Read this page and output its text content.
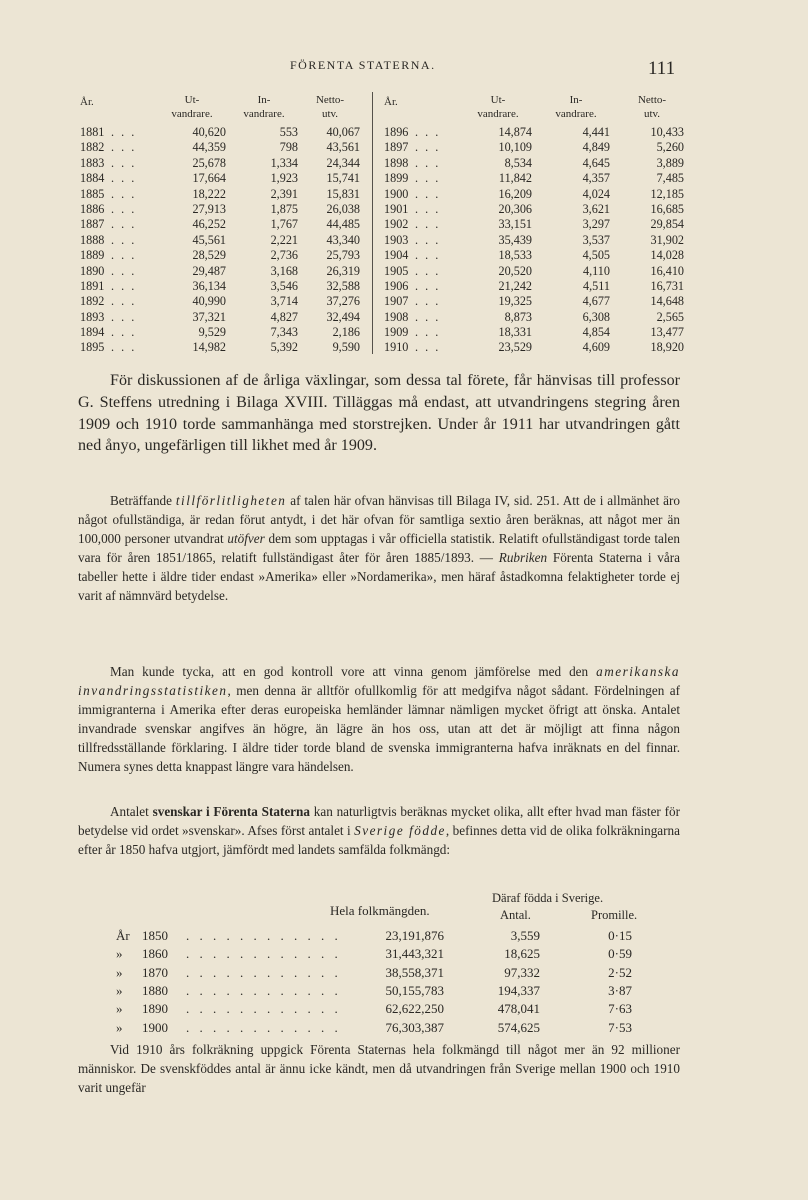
FÖRENTA STATERNA.	111
År.	Ut-
vandrare.
In-
vandrare.
Netto-
utv.
1881 . . .	40,620	553	40,067
1882 . . .	44,359	798	43,561
1883 . . .	25,678	1,334	24,344
1884 . . .	17,664	1,923	15,741
1885 . . .	18,222	2,391	15,831
1886 . . .	27,913	1,875	26,038
1887 . . .	46,252	1,767	44,485
1888 . . .	45,561	2,221	43,340
1889 . . .	28,529	2,736	25,793
1890 . . .	29,487	3,168	26,319
1891 . . .	36,134	3,546	32,588
1892 . . .	40,990	3,714	37,276
1893 . . .	37,321	4,827	32,494
1894 . . .	9,529	7,343	2,186
1895 . . .	14,982	5,392	9,590
År.	Ut-
vandrare.
In-
vandrare.
Netto-
utv.
1896 . . .	14,874	4,441	10,433
1897 . . .	10,109	4,849	5,260
1898 . . .	8,534	4,645	3,889
1899 . . .	11,842	4,357	7,485
1900 . . .	16,209	4,024	12,185
1901 . . .	20,306	3,621	16,685
1902 . . .	33,151	3,297	29,854
1903 . . .	35,439	3,537	31,902
1904 . . .	18,533	4,505	14,028
1905 . . .	20,520	4,110	16,410
1906 . . .	21,242	4,511	16,731
1907 . . .	19,325	4,677	14,648
1908 . . .	8,873	6,308	2,565
1909 . . .	18,331	4,854	13,477
1910 . . .	23,529	4,609	18,920

För diskussionen af de årliga växlingar, som dessa tal förete, får hänvisas till professor G. Steffens utredning i Bilaga XVIII. Tilläggas må endast, att utvandringens stegring åren 1909 och 1910 torde sammanhänga med storstrejken. Under år 1911 har utvandringen gått ned ånyo, ungefärligen till likhet med år 1909.

Beträffande tillförlitligheten af talen här ofvan hänvisas till Bilaga IV, sid. 251. Att de i allmänhet äro något ofullständiga, är redan förut antydt, i det här ofvan för samtliga sextio åren beräknas, att något mer än 100,000 personer utvandrat utöfver dem som upptagas i vår officiella statistik. Relatift ofullständigast torde talen vara för åren 1851/1865, relatift fullständigast åter för åren 1885/1893. — Rubriken Förenta Staterna i våra tabeller hette i äldre tider endast »Amerika» eller »Nordamerika», men häraf åstadkomna felaktigheter torde ej varit af nämnvärd betydelse.

Man kunde tycka, att en god kontroll vore att vinna genom jämförelse med den amerikanska invandringsstatistiken, men denna är alltför ofullkomlig för att medgifva något sådant. Fördelningen af immigranterna i Amerika efter deras europeiska hemländer lämnar nämligen mycket öfrigt att önska. Antalet invandrade svenskar angifves än högre, än lägre än hos oss, utan att det är möjligt att finna någon tillfredsställande förklaring. I äldre tider torde bland de svenska immigranterna hafva inräknats en del finnar. Numera synes detta knappast längre vara händelsen.

Antalet svenskar i Förenta Staterna kan naturligtvis beräknas mycket olika, allt efter hvad man fäster för betydelse vid ordet »svenskar». Afses först antalet i Sverige födde, befinnes detta vid de olika folkräkningarna efter år 1850 hafva utgjort, jämfördt med landets samfälda folkmängd:

Hela folkmängden.
Däraf födda i Sverige.
Antal.	Promille.
År 1850 . . . . . . . . . . . .	23,191,876	3,559	0·15
»	1860 . . . . . . . . . . . .	31,443,321	18,625	0·59
»	1870 . . . . . . . . . . . .	38,558,371	97,332	2·52
»	1880 . . . . . . . . . . . .	50,155,783	194,337	3·87
»	1890 . . . . . . . . . . . .	62,622,250	478,041	7·63
»	1900 . . . . . . . . . . . .	76,303,387	574,625	7·53

Vid 1910 års folkräkning uppgick Förenta Staternas hela folkmängd till något mer än 92 millioner människor. De svenskföddes antal är ännu icke kändt, men då utvandringen från Sverige mellan 1900 och 1910 varit ungefär
